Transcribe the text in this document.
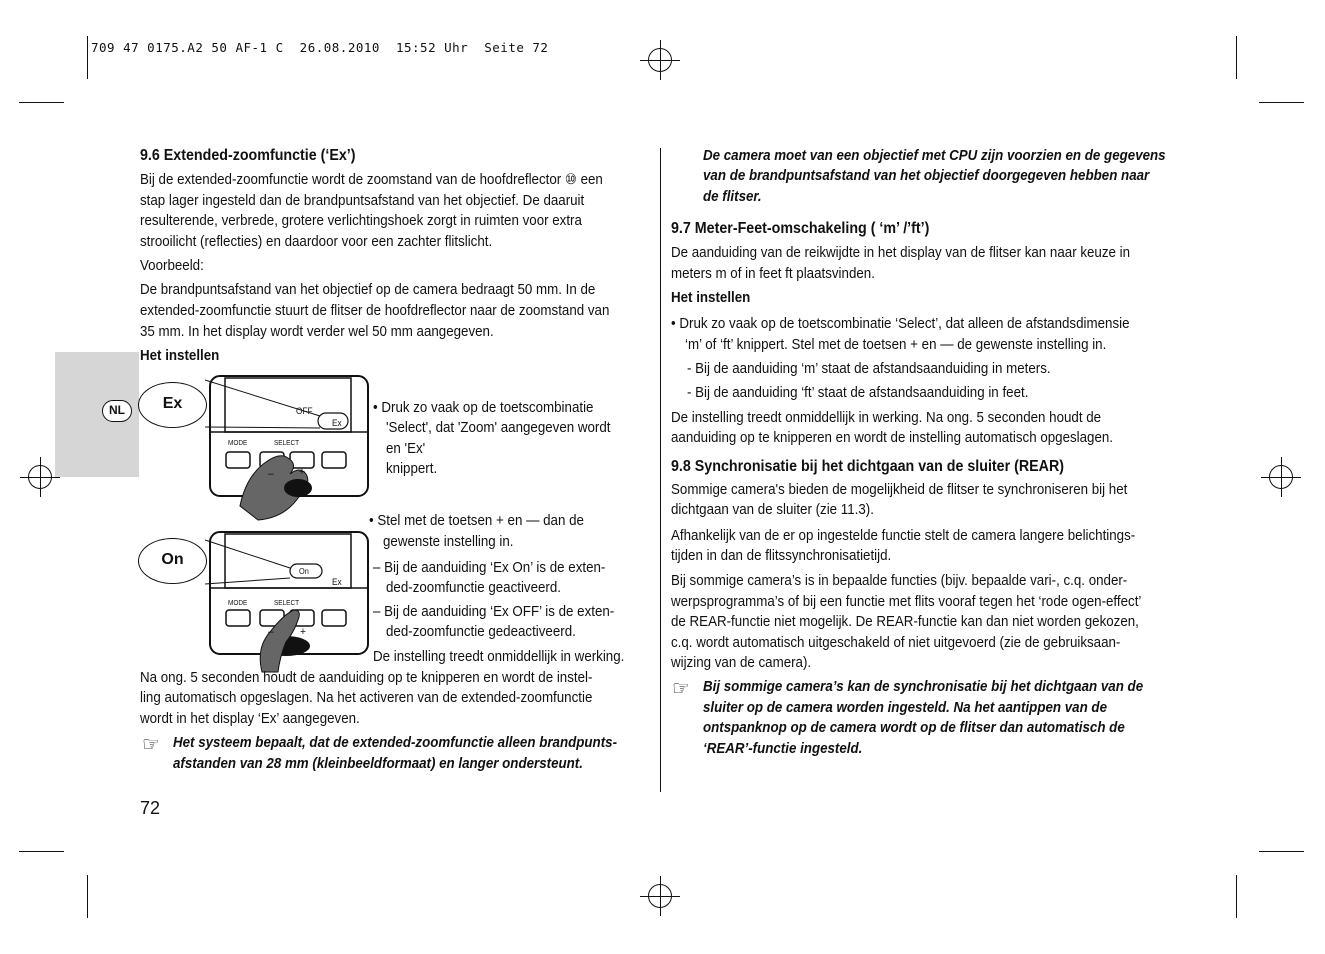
709 47 0175.A2 50 AF-1 C  26.08.2010  15:52 Uhr  Seite 72
NL
9.6 Extended-zoomfunctie (‘Ex’)
Bij de extended-zoomfunctie wordt de zoomstand van de hoofdreflector ⑩ een
stap lager ingesteld dan de brandpuntsafstand van het objectief. De daaruit
resulterende, verbrede, grotere verlichtingshoek zorgt in ruimten voor extra
strooilicht (reflecties) en daardoor voor een zachter flitslicht.
Voorbeeld:
De brandpuntsafstand van het objectief op de camera bedraagt 50 mm. In de
extended-zoomfunctie stuurt de flitser de hoofdreflector naar de zoomstand van
35 mm. In het display wordt verder wel 50 mm aangegeven.
Het instellen
OFF
Ex
MODE	SELECT
– +
Ex	• Druk zo vaak op de toetscombinatie
'Select', dat 'Zoom' aangegeven wordt
en 'Ex'
knippert.
On
Ex
MODE	SELECT
– +
On
• Stel met de toetsen + en — dan de
gewenste instelling in.
– Bij de aanduiding ‘Ex On’ is de exten-
ded-zoomfunctie geactiveerd.
– Bij de aanduiding ‘Ex OFF’ is de exten-
ded-zoomfunctie gedeactiveerd.
De instelling treedt onmiddellijk in werking.
Na ong. 5 seconden houdt de aanduiding op te knipperen en wordt de instel-
ling automatisch opgeslagen. Na het activeren van de extended-zoomfunctie
wordt in het display ‘Ex’ aangegeven.
☞ Het systeem bepaalt, dat de extended-zoomfunctie alleen brandpunts-
afstanden van 28 mm (kleinbeeldformaat) en langer ondersteunt.
72
De camera moet van een objectief met CPU zijn voorzien en de gegevens
van de brandpuntsafstand van het objectief doorgegeven hebben naar
de flitser.
9.7 Meter-Feet-omschakeling ( ‘m’ /’ft’)
De aanduiding van de reikwijdte in het display van de flitser kan naar keuze in
meters m of in feet ft plaatsvinden.
Het instellen
• Druk zo vaak op de toetscombinatie ‘Select’, dat alleen de afstandsdimensie
‘m’ of ‘ft’ knippert. Stel met de toetsen + en — de gewenste instelling in.
- Bij de aanduiding ‘m’ staat de afstandsaanduiding in meters.
- Bij de aanduiding ‘ft’ staat de afstandsaanduiding in feet.
De instelling treedt onmiddellijk in werking. Na ong. 5 seconden houdt de
aanduiding op te knipperen en wordt de instelling automatisch opgeslagen.
9.8 Synchronisatie bij het dichtgaan van de sluiter (REAR)
Sommige camera's bieden de mogelijkheid de flitser te synchroniseren bij het
dichtgaan van de sluiter (zie 11.3).
Afhankelijk van de er op ingestelde functie stelt de camera langere belichtings-
tijden in dan de flitssynchronisatietijd.
Bij sommige camera’s is in bepaalde functies (bijv. bepaalde vari-, c.q. onder-
werpsprogramma’s of bij een functie met flits vooraf tegen het ‘rode ogen-effect’
de REAR-functie niet mogelijk. De REAR-functie kan dan niet worden gekozen,
c.q. wordt automatisch uitgeschakeld of niet uitgevoerd (zie de gebruiksaan-
wijzing van de camera).
☞ Bij sommige camera’s kan de synchronisatie bij het dichtgaan van de
sluiter op de camera worden ingesteld. Na het aantippen van de
ontspanknop op de camera wordt op de flitser dan automatisch de
‘REAR’-functie ingesteld.
